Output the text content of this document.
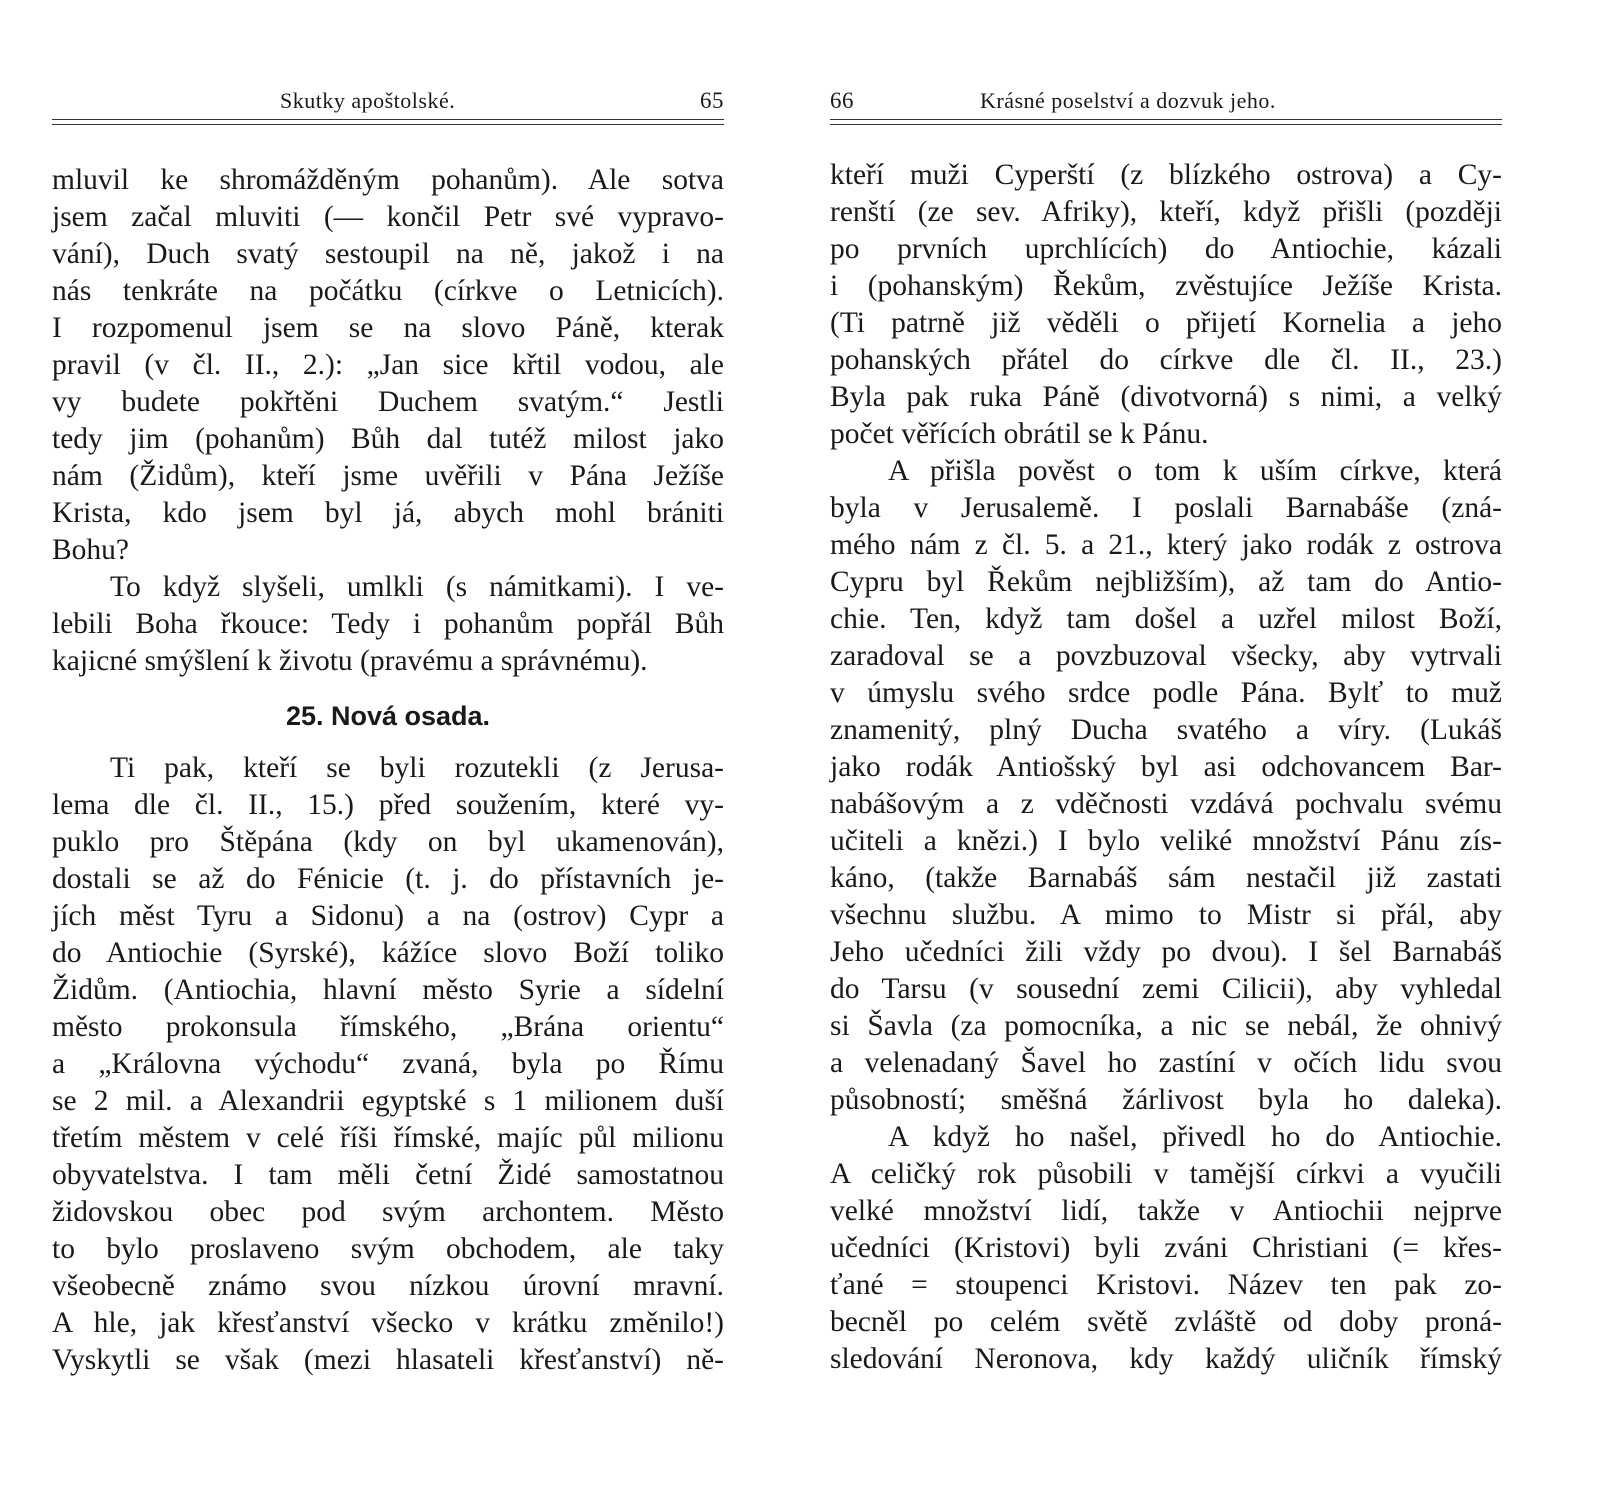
Skutky apoštolské.	65
mluvil ke shromážděným pohanům). Ale sotva
jsem začal mluviti (— končil Petr své vypravo-
vání), Duch svatý sestoupil na ně, jakož i na
nás tenkráte na počátku (církve o Letnicích).
I rozpomenul jsem se na slovo Páně, kterak
pravil (v čl. II., 2.): „Jan sice křtil vodou, ale
vy budete pokřtěni Duchem svatým.“ Jestli
tedy jim (pohanům) Bůh dal tutéž milost jako
nám (Židům), kteří jsme uvěřili v Pána Ježíše
Krista, kdo jsem byl já, abych mohl brániti
Bohu?
To když slyšeli, umlkli (s námitkami). I ve-
lebili Boha řkouce: Tedy i pohanům popřál Bůh
kajicné smýšlení k životu (pravému a správnému).
25. Nová osada.
Ti pak, kteří se byli rozutekli (z Jerusa-
lema dle čl. II., 15.) před soužením, které vy-
puklo pro Štěpána (kdy on byl ukamenován),
dostali se až do Fénicie (t. j. do přístavních je-
jích měst Tyru a Sidonu) a na (ostrov) Cypr a
do Antiochie (Syrské), kážíce slovo Boží toliko
Židům. (Antiochia, hlavní město Syrie a sídelní
město prokonsula římského, „Brána orientu“
a „Královna východu“ zvaná, byla po Římu
se 2 mil. a Alexandrii egyptské s 1 milionem duší
třetím městem v celé říši římské, majíc půl milionu
obyvatelstva. I tam měli četní Židé samostatnou
židovskou obec pod svým archontem. Město
to bylo proslaveno svým obchodem, ale taky
všeobecně známo svou nízkou úrovní mravní.
A hle, jak křesťanství všecko v krátku změnilo!)
Vyskytli se však (mezi hlasateli křesťanství) ně-
66	Krásné poselství a dozvuk jeho.
kteří muži Cyperští (z blízkého ostrova) a Cy-
renští (ze sev. Afriky), kteří, když přišli (později
po prvních uprchlících) do Antiochie, kázali
i (pohanským) Řekům, zvěstujíce Ježíše Krista.
(Ti patrně již věděli o přijetí Kornelia a jeho
pohanských přátel do církve dle čl. II., 23.)
Byla pak ruka Páně (divotvorná) s nimi, a velký
počet věřících obrátil se k Pánu.
A přišla pověst o tom k uším církve, která
byla v Jerusalemě. I poslali Barnabáše (zná-
mého nám z čl. 5. a 21., který jako rodák z ostrova
Cypru byl Řekům nejbližším), až tam do Antio-
chie. Ten, když tam došel a uzřel milost Boží,
zaradoval se a povzbuzoval všecky, aby vytrvali
v úmyslu svého srdce podle Pána. Bylť to muž
znamenitý, plný Ducha svatého a víry. (Lukáš
jako rodák Antiošský byl asi odchovancem Bar-
nabášovým a z vděčnosti vzdává pochvalu svému
učiteli a knězi.) I bylo veliké množství Pánu zís-
káno, (takže Barnabáš sám nestačil již zastati
všechnu službu. A mimo to Mistr si přál, aby
Jeho učedníci žili vždy po dvou). I šel Barnabáš
do Tarsu (v sousední zemi Cilicii), aby vyhledal
si Šavla (za pomocníka, a nic se nebál, že ohnivý
a velenadaný Šavel ho zastíní v očích lidu svou
působností; směšná žárlivost byla ho daleka).
A když ho našel, přivedl ho do Antiochie.
A celičký rok působili v tamější církvi a vyučili
velké množství lidí, takže v Antiochii nejprve
učedníci (Kristovi) byli zváni Christiani (= křes-
ťané = stoupenci Kristovi. Název ten pak zo-
becněl po celém světě zvláště od doby proná-
sledování Neronova, kdy každý uličník římský
